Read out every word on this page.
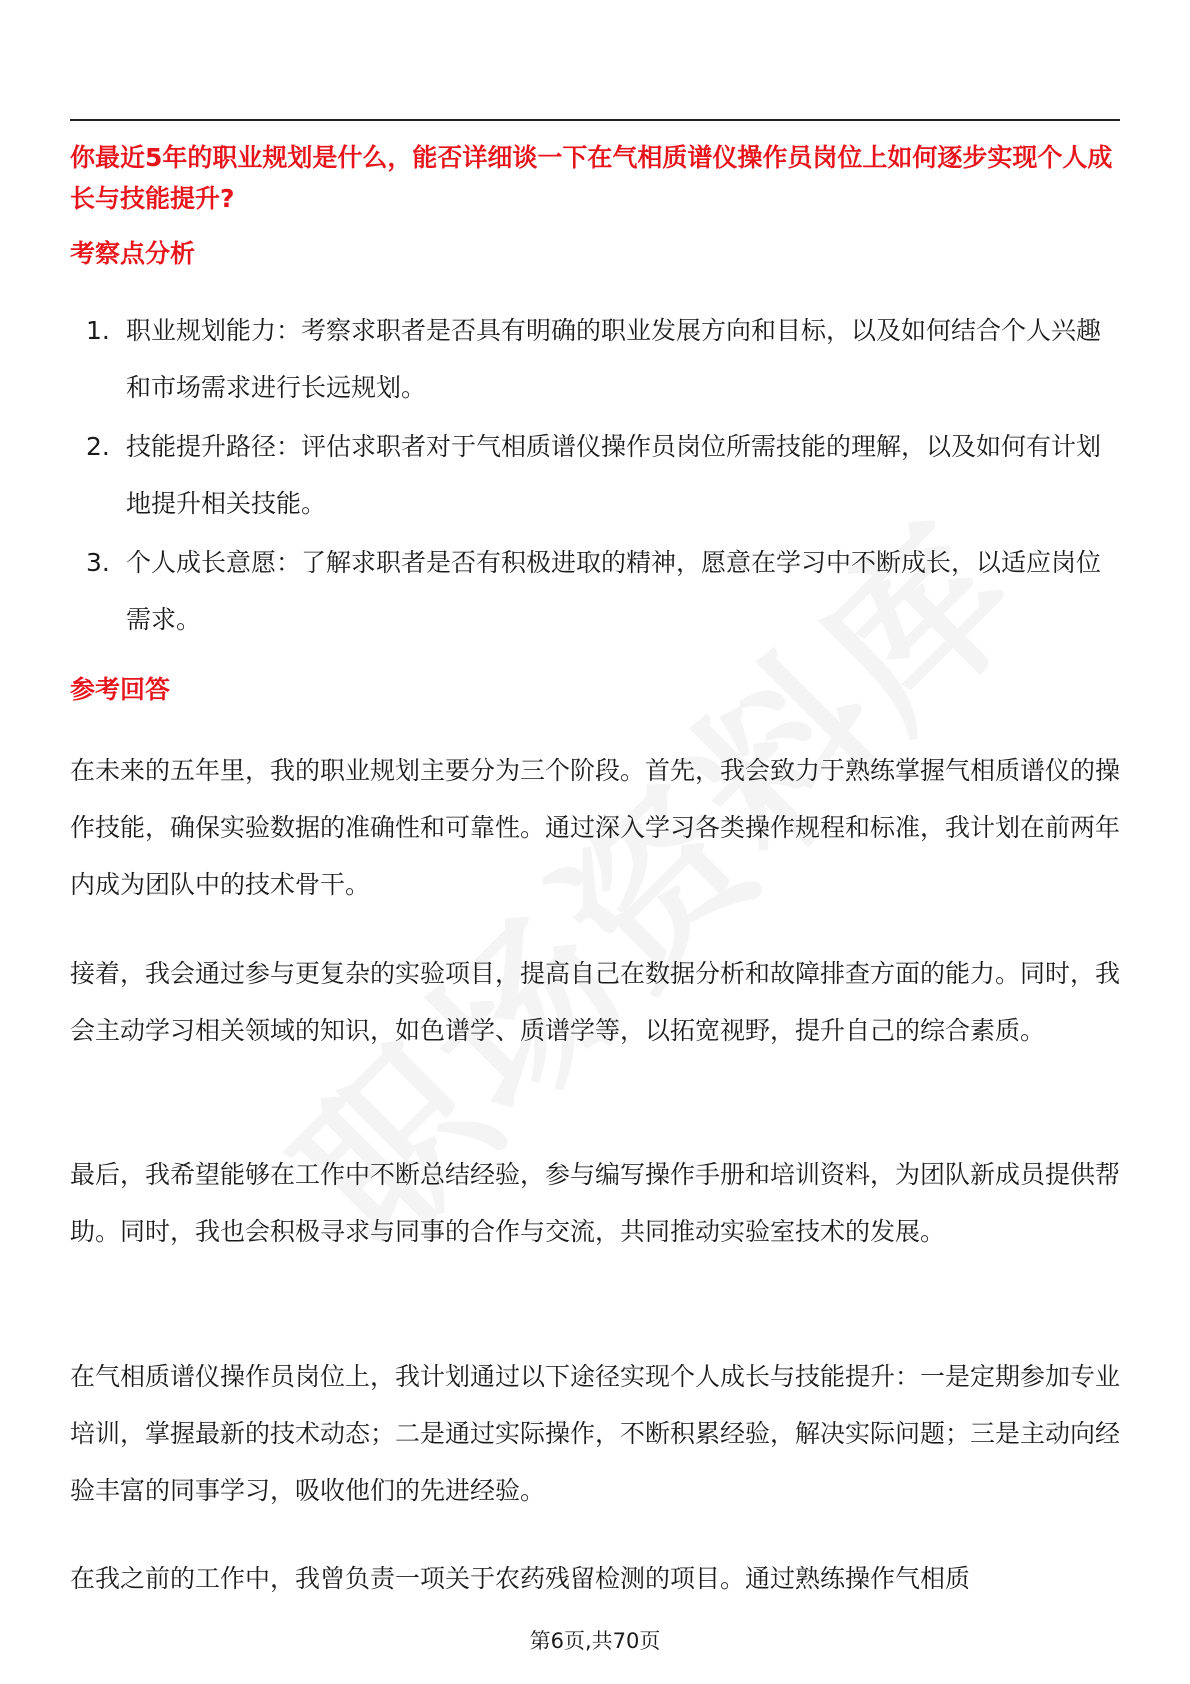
你最近5年的职业规划是什么，能否详细谈一下在气相质谱仪操作员岗位上如何逐步实现个人成长与技能提升?

考察点分析

1. 职业规划能力：考察求职者是否具有明确的职业发展方向和目标，以及如何结合个人兴趣和市场需求进行长远规划。
2. 技能提升路径：评估求职者对于气相质谱仪操作员岗位所需技能的理解，以及如何有计划地提升相关技能。
3. 个人成长意愿：了解求职者是否有积极进取的精神，愿意在学习中不断成长，以适应岗位需求。

参考回答

在未来的五年里，我的职业规划主要分为三个阶段。首先，我会致力于熟练掌握气相质谱仪的操作技能，确保实验数据的准确性和可靠性。通过深入学习各类操作规程和标准，我计划在前两年内成为团队中的技术骨干。

接着，我会通过参与更复杂的实验项目，提高自己在数据分析和故障排查方面的能力。同时，我会主动学习相关领域的知识，如色谱学、质谱学等，以拓宽视野，提升自己的综合素质。

最后，我希望能够在工作中不断总结经验，参与编写操作手册和培训资料，为团队新成员提供帮助。同时，我也会积极寻求与同事的合作与交流，共同推动实验室技术的发展。

在气相质谱仪操作员岗位上，我计划通过以下途径实现个人成长与技能提升：一是定期参加专业培训，掌握最新的技术动态；二是通过实际操作，不断积累经验，解决实际问题；三是主动向经验丰富的同事学习，吸收他们的先进经验。

在我之前的工作中，我曾负责一项关于农药残留检测的项目。通过熟练操作气相质

第6页,共70页
